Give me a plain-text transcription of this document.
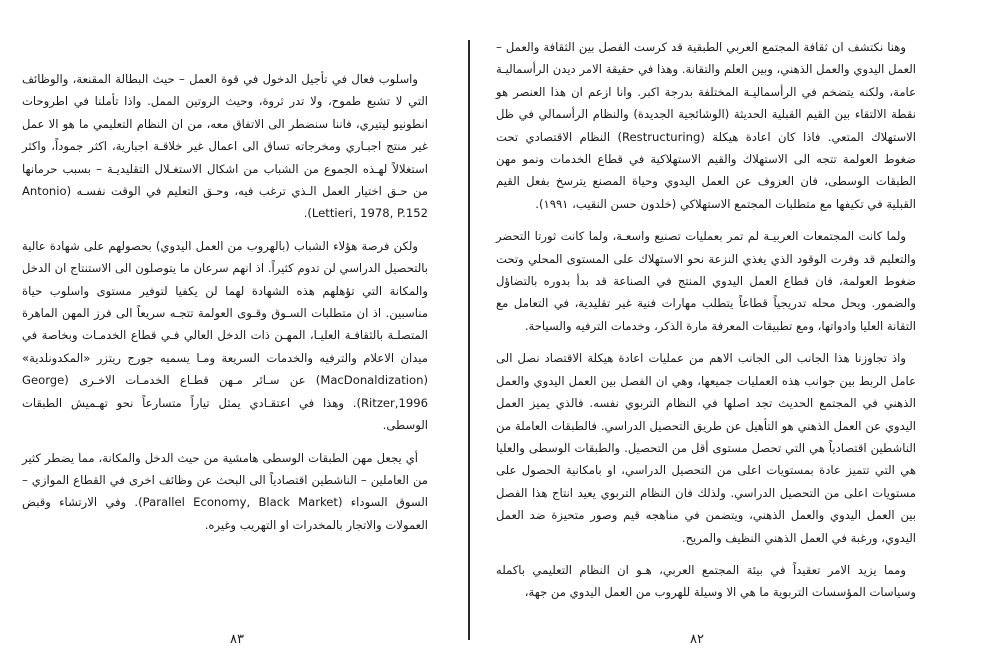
واسلوب فعال في تأجيل الدخول في قوة العمل – حيث البطالة المقنعة، والوظائف التي لا تشبع طموح، ولا تدر ثروة، وحيث الروتين الممل. واذا تأملنا في اطروحات انطونيو ليتيري، فاننا سنضطر الى الاتفاق معه، من ان النظام التعليمي ما هو الا عمل غير منتج اجبـاري ومخرجاته تساق الى اعمال غير خلاقـة اجبارية، اكثر جموداً، واكثر استغلالاً لهـذه الجموع من الشباب من اشكال الاستغـلال التقليديـة – بسبب حرمانها من حـق اختيار العمل الـذي ترغب فيه، وحـق التعليم في الوقت نفسـه (Antonio Lettieri, 1978, P.152).

ولكن فرصة هؤلاء الشباب (بالهروب من العمل اليدوي) بحصولهم على شهادة عالية بالتحصيل الدراسي لن تدوم كثيراً. اذ انهم سرعان ما يتوصلون الى الاستنتاج ان الدخل والمكانة التي تؤهلهم هذه الشهادة لهما لن يكفيا لتوفير مستوى واسلوب حياة مناسبين. اذ ان متطلبات السـوق وقـوى العولمة تتجـه سريعاً الى فرز المهن الماهرة المتصلـة بالثقافـة العليـا، المهـن ذات الدخل العالي فـي قطاع الخدمـات وبخاصة في ميدان الاعلام والترفيه والخدمات السريعة ومـا يسميه جورج ريتزر «المكدونلدية» (MacDonaldization) عن سـائر مـهن قطـاع الخدمـات الاخـرى (George Ritzer,1996). وهذا في اعتقـادي يمثل تياراً متسارعاً نحو تهـميش الطبقات الوسطى.

أي يجعل مهن الطبقات الوسطى هامشية من حيث الدخل والمكانة، مما يضطر كثير من العاملين – الناشطين اقتصادياً الى البحث عن وظائف اخرى في القطاع الموازي – السوق السوداء (Parallel Economy, Black Market). وفي الارتشاء وقبض العمولات والاتجار بالمخدرات او التهريب وغيره.

٨٣

وهنا نكتشف ان ثقافة المجتمع العربي الطبقية قد كرست الفصل بين الثقافة والعمل – العمل اليدوي والعمل الذهني، وبين العلم والتقانة. وهذا في حقيقة الامر ديدن الرأسماليـة عامة، ولكنه يتضخم في الرأسماليـة المختلفة بدرجة اكبر. وانا ازعم ان هذا العنصر هو نقطة الالتقاء بين القيم القبلية الحديثة (الوشائجية الجديدة) والنظام الرأسمالي في ظل الاستهلاك المتعي. فاذا كان اعادة هيكلة (Restructuring) النظام الاقتصادي تحت ضغوط العولمة تتجه الى الاستهلاك والقيم الاستهلاكية في قطاع الخدمات ونمو مهن الطبقات الوسطى، فان العزوف عن العمل اليدوي وحياة المصنع يترسخ بفعل القيم القبلية في تكيفها مع متطلبات المجتمع الاستهلاكي (خلدون حسن النقيب، ١٩٩١).

ولما كانت المجتمعات العربيـة لم تمر بعمليات تصنيع واسعـة، ولما كانت ثورتا التحضر والتعليم قد وفرت الوقود الذي يغذي النزعة نحو الاستهلاك على المستوى المحلي وتحت ضغوط العولمة، فان قطاع العمل اليدوي المنتج في الصناعة قد بدأ بدوره بالتضاؤل والضمور. ويحل محله تدريجياً قطاعاً يتطلب مهارات فنية غير تقليدية، في التعامل مع التقانة العليا وادواتها، ومع تطبيقات المعرفة مارة الذكر، وخدمات الترفيه والسياحة.

واذ تجاوزنا هذا الجانب الى الجانب الاهم من عمليات اعادة هيكلة الاقتصاد نصل الى عامل الربط بين جوانب هذه العمليات جميعها، وهي ان الفصل بين العمل اليدوي والعمل الذهني في المجتمع الحديث تجد اصلها في النظام التربوي نفسه. فالذي يميز العمل اليدوي عن العمل الذهني هو التأهيل عن طريق التحصيل الدراسي. فالطبقات العاملة من الناشطين اقتصادياً هي التي تحصل مستوى أقل من التحصيل. والطبقات الوسطى والعليا هي التي تتميز عادة بمستويات اعلى من التحصيل الدراسي، او بامكانية الحصول على مستويات اعلى من التحصيل الدراسي. ولذلك فان النظام التربوي يعيد انتاج هذا الفصل بين العمل اليدوي والعمل الذهني، ويتضمن في مناهجه قيم وصور متحيزة ضد العمل اليدوي، ورغبة في العمل الذهني النظيف والمريح.

ومما يزيد الامر تعقيداً في بيئة المجتمع العربي، هـو ان النظام التعليمي باكمله وسياسات المؤسسات التربوية ما هي الا وسيلة للهروب من العمل اليدوي من جهة،

٨٢
